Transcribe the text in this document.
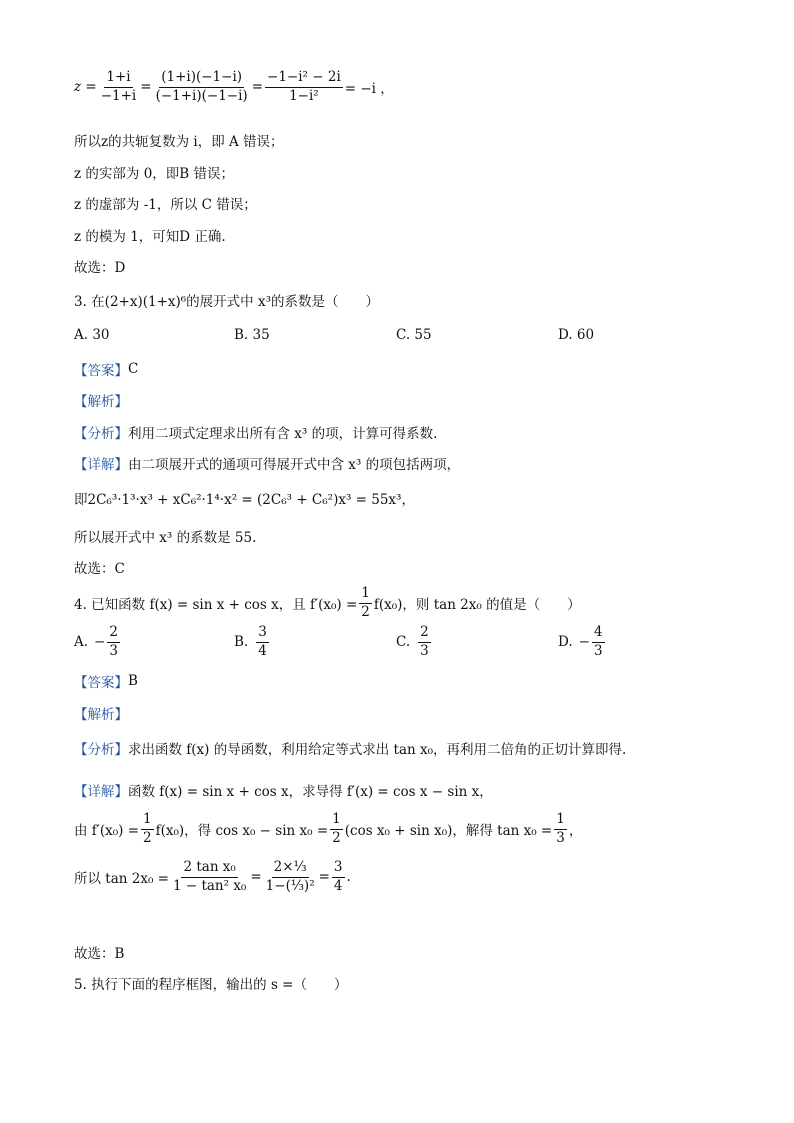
$z = \frac{1+i}{-1+i} = \frac{(1+i)(-1-i)}{(-1+i)(-1-i)} = \frac{\text{−1−i² − 2i}}{\text{1−i²}} = -i$ ，
所以z的共轭复数为 i，即 A 错误；
z 的实部为 0，即B 错误；
z 的虚部为 -1，所以 C 错误；
z 的模为 1，可知D 正确.
故选：D
3. 在(2+x)(1+x)⁶的展开式中 x³的系数是（　　）
A. 30	B. 35	C. 55	D. 60
【答案】 C
【解析】
【分析】 利用二项式定理求出所有含 x³ 的项，计算可得系数.
【详解】 由二项展开式的通项可得展开式中含 x³ 的项包括两项，
即2C₆³·1³·x³ + xC₆²·1⁴·x² = (2C₆³ + C₆²)x³ = 55x³，
所以展开式中 x³ 的系数是 55.
故选：C
4. 已知函数 f(x) = sin x + cos x，且 $f'(x_0) = \frac{1}{2} f(x_0)$，则 tan 2x₀ 的值是（　　）
A. − $\frac{2}{3}$	B. $\frac{3}{4}$	C. $\frac{2}{3}$	D. − $\frac{4}{3}$
【答案】 B
【解析】
【分析】 求出函数 f(x) 的导函数，利用给定等式求出 tan x₀，再利用二倍角的正切计算即得.
【详解】 函数 f(x) = sin x + cos x，求导得 f′(x) = cos x − sin x，
由 $f'(x_0) = \frac{1}{2} f(x_0)$，得 $\cos x_0 - \sin x_0 = \frac{1}{2} (\cos$ x₀ + sin x₀)，解得 $\tan x_0 = \frac{1}{3}$ ，
所以 $\tan 2x_0 = \frac{\text{2 tan x₀}}{\text{1 − tan² x₀}} = \frac{\text{2×⅓}}{\text{1−(⅓)²}} = \frac{3}{4}$ .
故选：B
5. 执行下面的程序框图，输出的 s =（　　）
